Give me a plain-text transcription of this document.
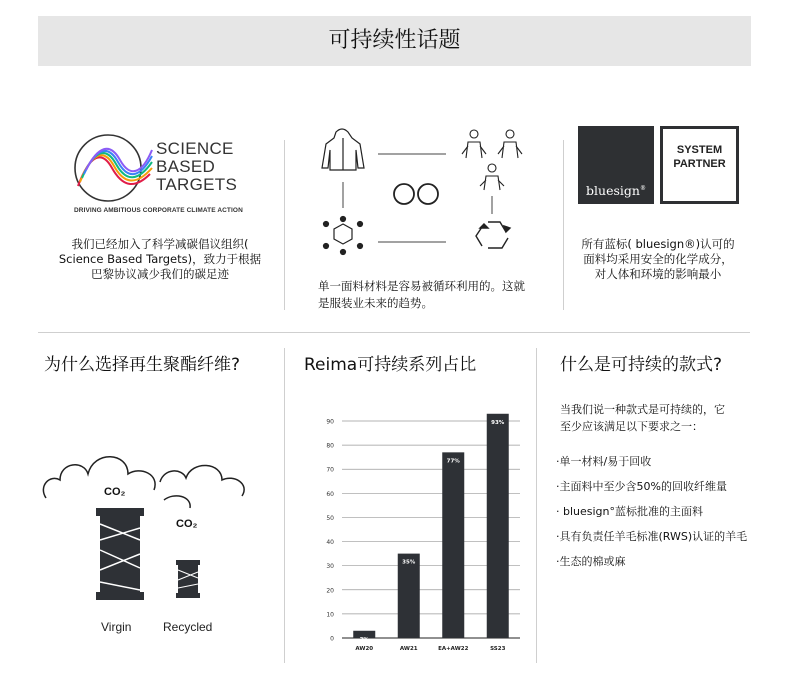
可持续性话题
SCIENCE
BASED
TARGETS
DRIVING AMBITIOUS CORPORATE CLIMATE ACTION
我们已经加入了科学减碳倡议组织(
Science Based Targets)，致力于根据
巴黎协议减少我们的碳足迹
单一面料材料是容易被循环利用的。这就
是服装业未来的趋势。
bluesign®
SYSTEM
PARTNER
所有蓝标( bluesign®)认可的
面料均采用安全的化学成分，
对人体和环境的影响最小
为什么选择再生聚酯纤维?
CO₂
CO₂
Virgin	Recycled
Reima可持续系列占比
0
10
20
30
40
50
60
70
80
90
3%
AW20
35%
AW21
77%
EA+AW22
93%
SS23
什么是可持续的款式?
当我们说一种款式是可持续的，它
至少应该满足以下要求之一：
·单一材料/易于回收
·主面料中至少含50%的回收纤维量
· bluesign°蓝标批准的主面料
·具有负责任羊毛标准(RWS)认证的羊毛
·生态的棉或麻
